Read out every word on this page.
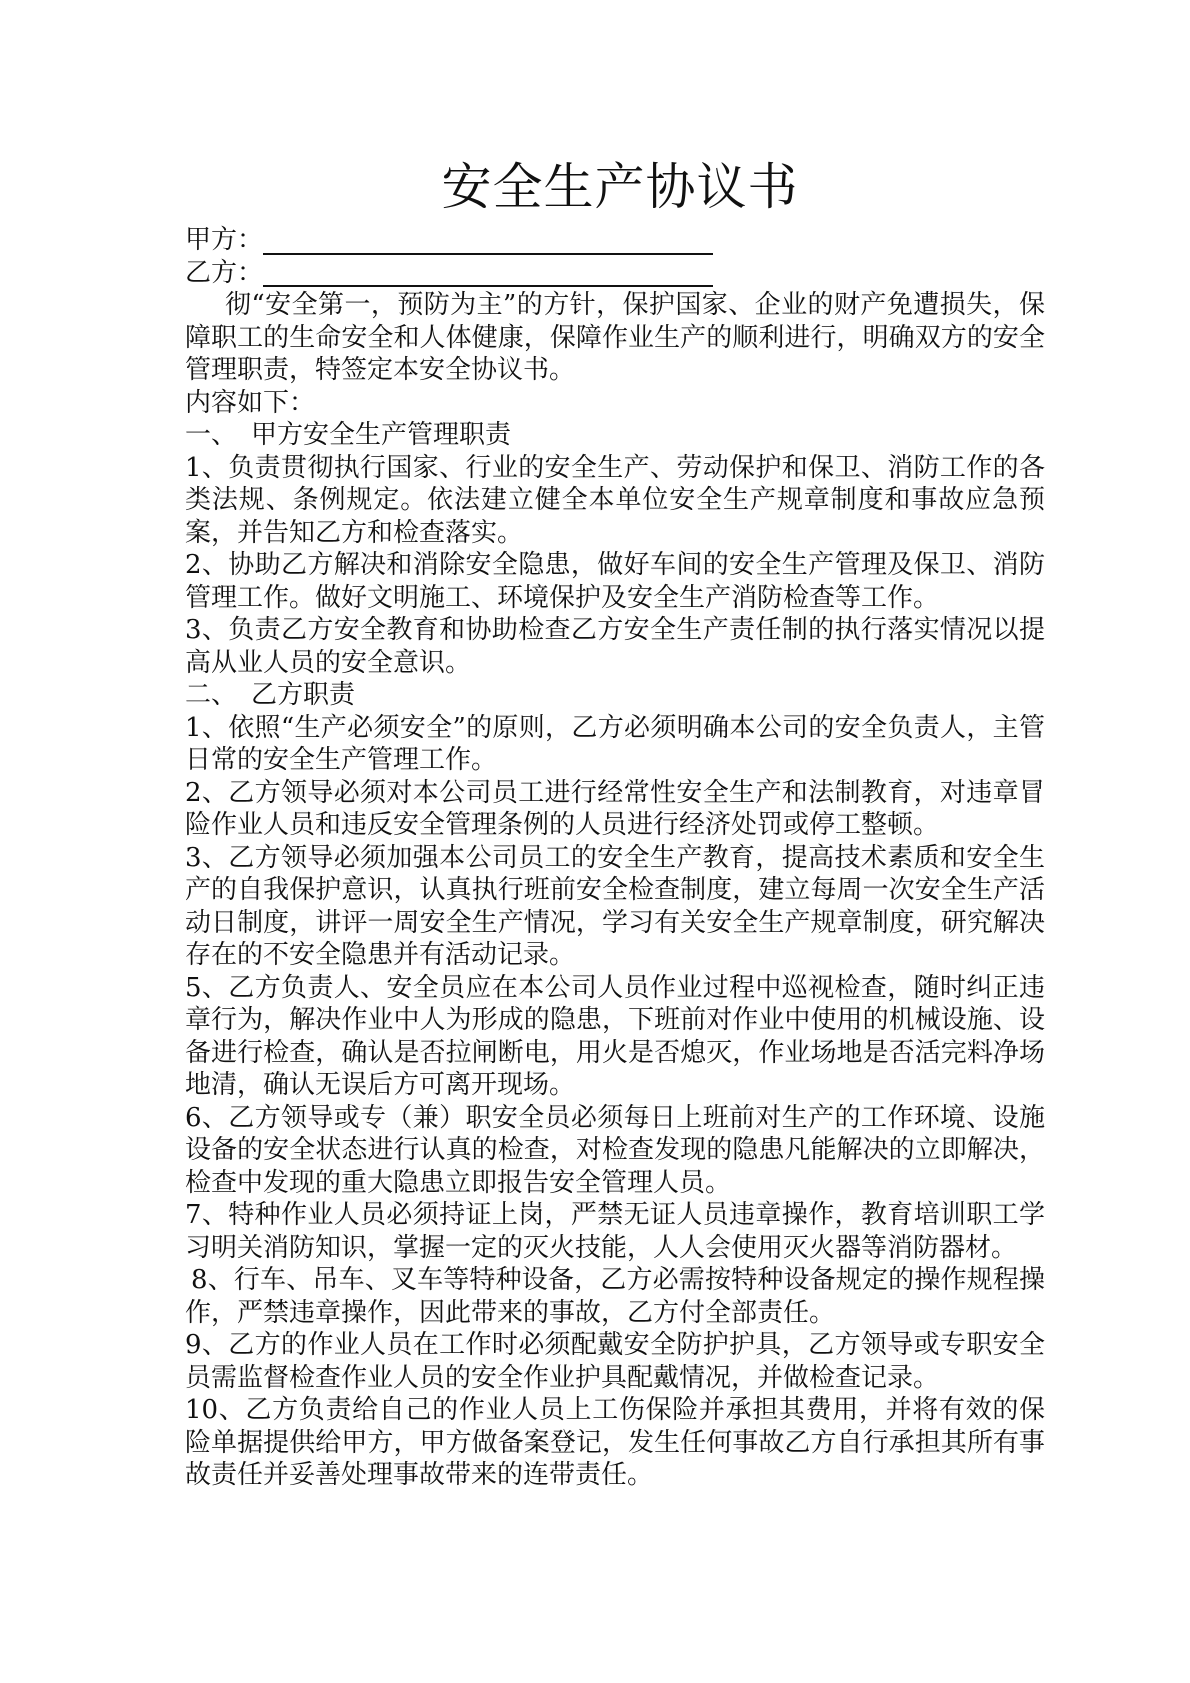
安全生产协议书
甲方：
乙方：

彻“安全第一，预防为主”的方针，保护国家、企业的财产免遭损失，保障职工的生命安全和人体健康，保障作业生产的顺利进行，明确双方的安全管理职责，特签定本安全协议书。

内容如下：

一、 甲方安全生产管理职责

1、负责贯彻执行国家、行业的安全生产、劳动保护和保卫、消防工作的各类法规、条例规定。依法建立健全本单位安全生产规章制度和事故应急预案，并告知乙方和检查落实。

2、协助乙方解决和消除安全隐患，做好车间的安全生产管理及保卫、消防管理工作。做好文明施工、环境保护及安全生产消防检查等工作。

3、负责乙方安全教育和协助检查乙方安全生产责任制的执行落实情况以提高从业人员的安全意识。

二、 乙方职责

1、依照“生产必须安全”的原则，乙方必须明确本公司的安全负责人，主管日常的安全生产管理工作。

2、乙方领导必须对本公司员工进行经常性安全生产和法制教育，对违章冒险作业人员和违反安全管理条例的人员进行经济处罚或停工整顿。

3、乙方领导必须加强本公司员工的安全生产教育，提高技术素质和安全生产的自我保护意识，认真执行班前安全检查制度，建立每周一次安全生产活动日制度，讲评一周安全生产情况，学习有关安全生产规章制度，研究解决存在的不安全隐患并有活动记录。

5、乙方负责人、安全员应在本公司人员作业过程中巡视检查，随时纠正违章行为，解决作业中人为形成的隐患，下班前对作业中使用的机械设施、设备进行检查，确认是否拉闸断电，用火是否熄灭，作业场地是否活完料净场地清，确认无误后方可离开现场。

6、乙方领导或专（兼）职安全员必须每日上班前对生产的工作环境、设施设备的安全状态进行认真的检查，对检查发现的隐患凡能解决的立即解决，检查中发现的重大隐患立即报告安全管理人员。

7、特种作业人员必须持证上岗，严禁无证人员违章操作，教育培训职工学习明关消防知识，掌握一定的灭火技能，人人会使用灭火器等消防器材。

8、行车、吊车、叉车等特种设备，乙方必需按特种设备规定的操作规程操作，严禁违章操作，因此带来的事故，乙方付全部责任。

9、乙方的作业人员在工作时必须配戴安全防护护具，乙方领导或专职安全员需监督检查作业人员的安全作业护具配戴情况，并做检查记录。

10、乙方负责给自己的作业人员上工伤保险并承担其费用，并将有效的保险单据提供给甲方，甲方做备案登记，发生任何事故乙方自行承担其所有事故责任并妥善处理事故带来的连带责任。
